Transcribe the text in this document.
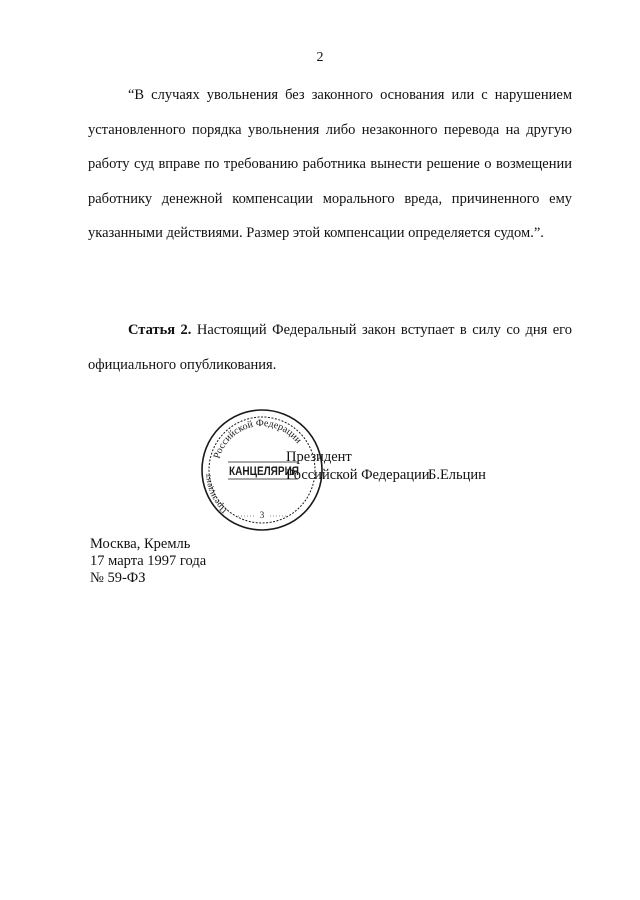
2

“В случаях увольнения без законного основания или с нарушением установленного порядка увольнения либо незаконного перевода на другую работу суд вправе по требованию работника вынести решение о возмещении работнику денежной компенсации морального вреда, причиненного ему указанными действиями. Размер этой компенсации определяется судом.”.

Статья 2. Настоящий Федеральный закон вступает в силу со дня его официального опубликования.

Российской Федерации
Президент	КАНЦЕЛЯРИЯ
3
Президент
Российской Федерации
Б.Ельцин
Москва, Кремль
17 марта 1997 года
№ 59-ФЗ
